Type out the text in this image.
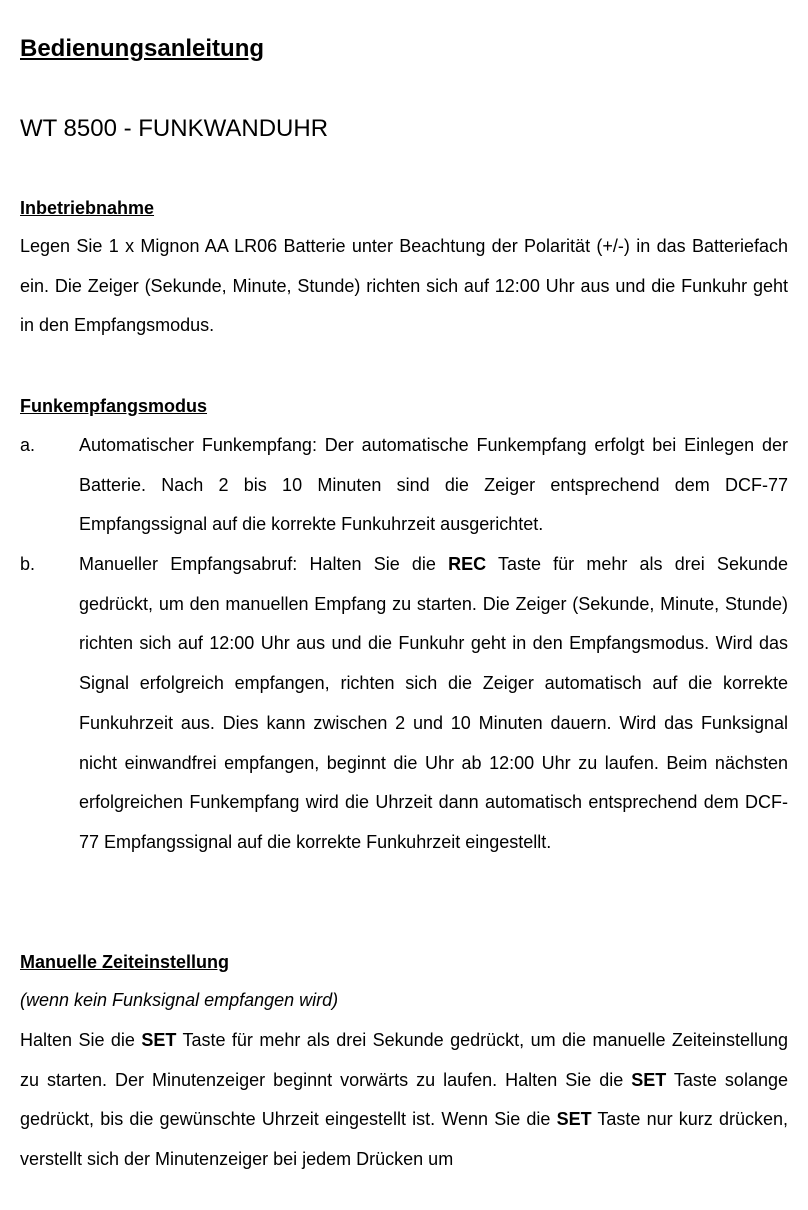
Bedienungsanleitung
WT 8500 - FUNKWANDUHR
Inbetriebnahme

Legen Sie 1 x Mignon AA LR06 Batterie unter Beachtung der Polarität (+/-) in das Batteriefach ein. Die Zeiger (Sekunde, Minute, Stunde) richten sich auf 12:00 Uhr aus und die Funkuhr geht in den Empfangsmodus.

Funkempfangsmodus
a. Automatischer Funkempfang: Der automatische Funkempfang erfolgt bei Einlegen der Batterie. Nach 2 bis 10 Minuten sind die Zeiger entsprechend dem DCF-77 Empfangssignal auf die korrekte Funkuhrzeit ausgerichtet.

b. Manueller Empfangsabruf: Halten Sie die REC Taste für mehr als drei Sekunde gedrückt, um den manuellen Empfang zu starten. Die Zeiger (Sekunde, Minute, Stunde) richten sich auf 12:00 Uhr aus und die Funkuhr geht in den Empfangsmodus. Wird das Signal erfolgreich empfangen, richten sich die Zeiger automatisch auf die korrekte Funkuhrzeit aus. Dies kann zwischen 2 und 10 Minuten dauern. Wird das Funksignal nicht einwandfrei empfangen, beginnt die Uhr ab 12:00 Uhr zu laufen. Beim nächsten erfolgreichen Funkempfang wird die Uhrzeit dann automatisch entsprechend dem DCF-77 Empfangssignal auf die korrekte Funkuhrzeit eingestellt.

Manuelle Zeiteinstellung
(wenn kein Funksignal empfangen wird)

Halten Sie die SET Taste für mehr als drei Sekunde gedrückt, um die manuelle Zeiteinstellung zu starten. Der Minutenzeiger beginnt vorwärts zu laufen. Halten Sie die SET Taste solange gedrückt, bis die gewünschte Uhrzeit eingestellt ist. Wenn Sie die SET Taste nur kurz drücken, verstellt sich der Minutenzeiger bei jedem Drücken um
